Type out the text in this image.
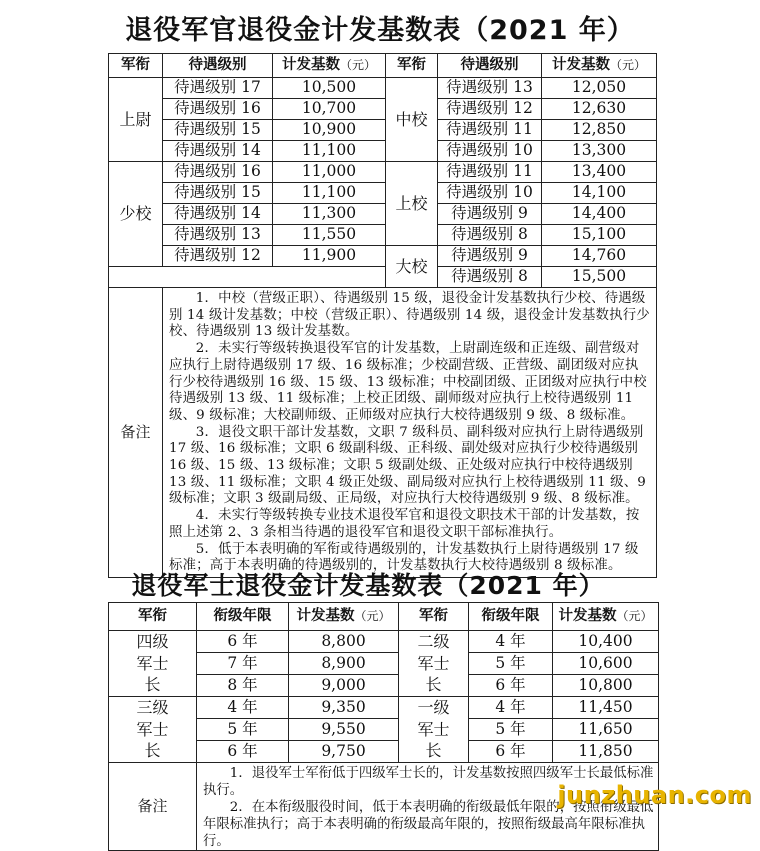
退役军官退役金计发基数表（2021 年）
军衔	待遇级别	计发基数（元）	军衔	待遇级别	计发基数（元）
上尉	待遇级别 17	10,500	中校	待遇级别 13	12,050
	待遇级别 16	10,700		待遇级别 12	12,630
	待遇级别 15	10,900		待遇级别 11	12,850
	待遇级别 14	11,100		待遇级别 10	13,300
少校	待遇级别 16	11,000	上校	待遇级别 11	13,400
	待遇级别 15	11,100		待遇级别 10	14,100
	待遇级别 14	11,300		待遇级别 9	14,400
	待遇级别 13	11,550		待遇级别 8	15,100
	待遇级别 12	11,900	大校	待遇级别 9	14,760
				待遇级别 8	15,500
备注	1．中校（营级正职）、待遇级别 15 级，退役金计发基数执行少校、待遇级别 14 级计发基数；中校（营级正职）、待遇级别 14 级，退役金计发基数执行少校、待遇级别 13 级计发基数。

2．未实行等级转换退役军官的计发基数，上尉副连级和正连级、副营级对应执行上尉待遇级别 17 级、16 级标准；少校副营级、正营级、副团级对应执行少校待遇级别 16 级、15 级、13 级标准；中校副团级、正团级对应执行中校待遇级别 13 级、11 级标准；上校正团级、副师级对应执行上校待遇级别 11 级、9 级标准；大校副师级、正师级对应执行大校待遇级别 9 级、8 级标准。

3．退役文职干部计发基数，文职 7 级科员、副科级对应执行上尉待遇级别 17 级、16 级标准；文职 6 级副科级、正科级、副处级对应执行少校待遇级别 16 级、15 级、13 级标准；文职 5 级副处级、正处级对应执行中校待遇级别 13 级、11 级标准；文职 4 级正处级、副局级对应执行上校待遇级别 11 级、9 级标准；文职 3 级副局级、正局级，对应执行大校待遇级别 9 级、8 级标准。

4．未实行等级转换专业技术退役军官和退役文职技术干部的计发基数，按照上述第 2、3 条相当待遇的退役军官和退役文职干部标准执行。

5．低于本表明确的军衔或待遇级别的，计发基数执行上尉待遇级别 17 级标准；高于本表明确的待遇级别的，计发基数执行大校待遇级别 8 级标准。				

退役军士退役金计发基数表（2021 年）
军衔	衔级年限	计发基数（元）	军衔	衔级年限	计发基数（元）
四级军士长	6 年	8,800	二级军士长	4 年	10,400
	7 年	8,900		5 年	10,600
	8 年	9,000		6 年	10,800
三级军士长	4 年	9,350	一级军士长	4 年	11,450
	5 年	9,550		5 年	11,650
	6 年	9,750		6 年	11,850
备注	1．退役军士军衔低于四级军士长的，计发基数按照四级军士长最低标准执行。

2．在本衔级服役时间，低于本表明确的衔级最低年限的，按照衔级最低年限标准执行；高于本表明确的衔级最高年限的，按照衔级最高年限标准执行。				

junzhuan.com
